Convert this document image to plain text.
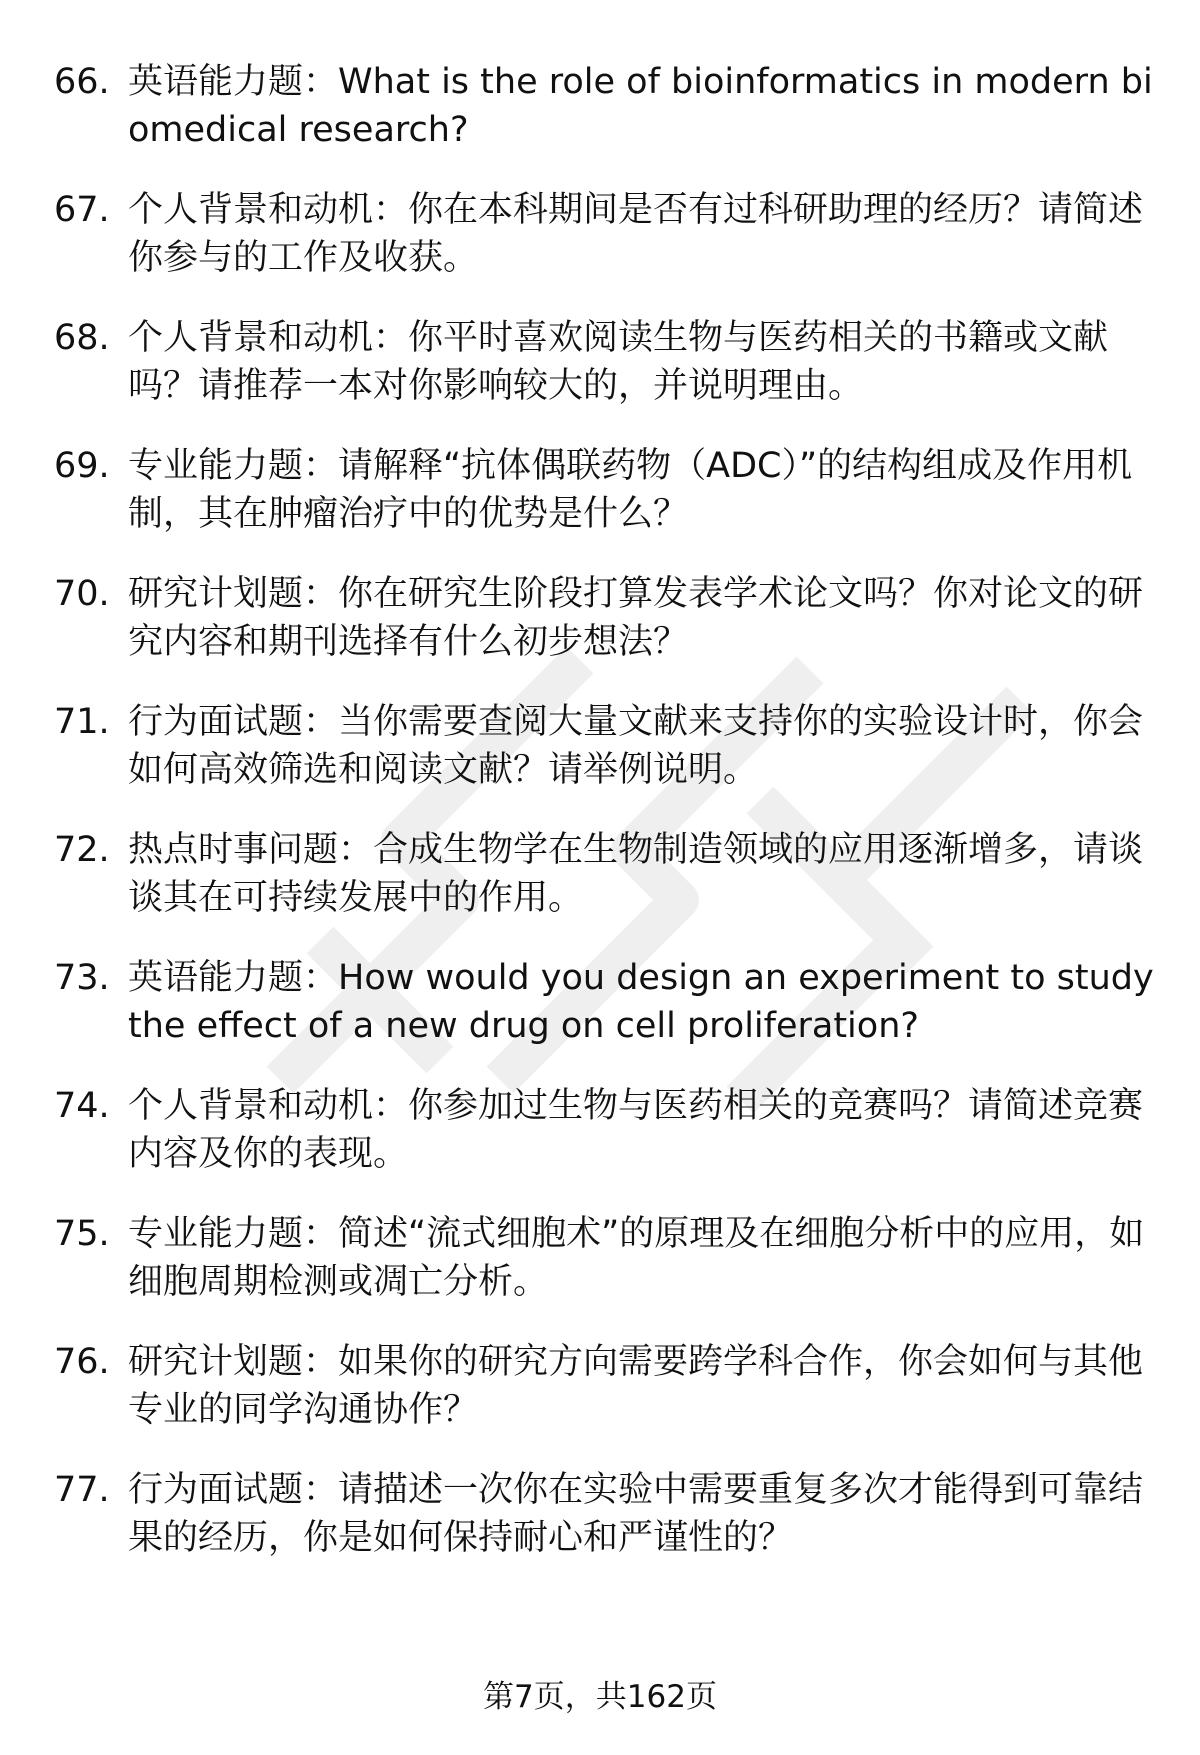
66. 英语能力题：What is the role of bioinformatics in modern biomedical research?
67. 个人背景和动机：你在本科期间是否有过科研助理的经历？请简述你参与的工作及收获。
68. 个人背景和动机：你平时喜欢阅读生物与医药相关的书籍或文献吗？请推荐一本对你影响较大的，并说明理由。
69. 专业能力题：请解释“抗体偶联药物（ADC）”的结构组成及作用机制，其在肿瘤治疗中的优势是什么？
70. 研究计划题：你在研究生阶段打算发表学术论文吗？你对论文的研究内容和期刊选择有什么初步想法？
71. 行为面试题：当你需要查阅大量文献来支持你的实验设计时，你会如何高效筛选和阅读文献？请举例说明。
72. 热点时事问题：合成生物学在生物制造领域的应用逐渐增多，请谈谈其在可持续发展中的作用。
73. 英语能力题：How would you design an experiment to study the effect of a new drug on cell proliferation?
74. 个人背景和动机：你参加过生物与医药相关的竞赛吗？请简述竞赛内容及你的表现。
75. 专业能力题：简述“流式细胞术”的原理及在细胞分析中的应用，如细胞周期检测或凋亡分析。
76. 研究计划题：如果你的研究方向需要跨学科合作，你会如何与其他专业的同学沟通协作？
77. 行为面试题：请描述一次你在实验中需要重复多次才能得到可靠结果的经历，你是如何保持耐心和严谨性的？
第7页，共162页
